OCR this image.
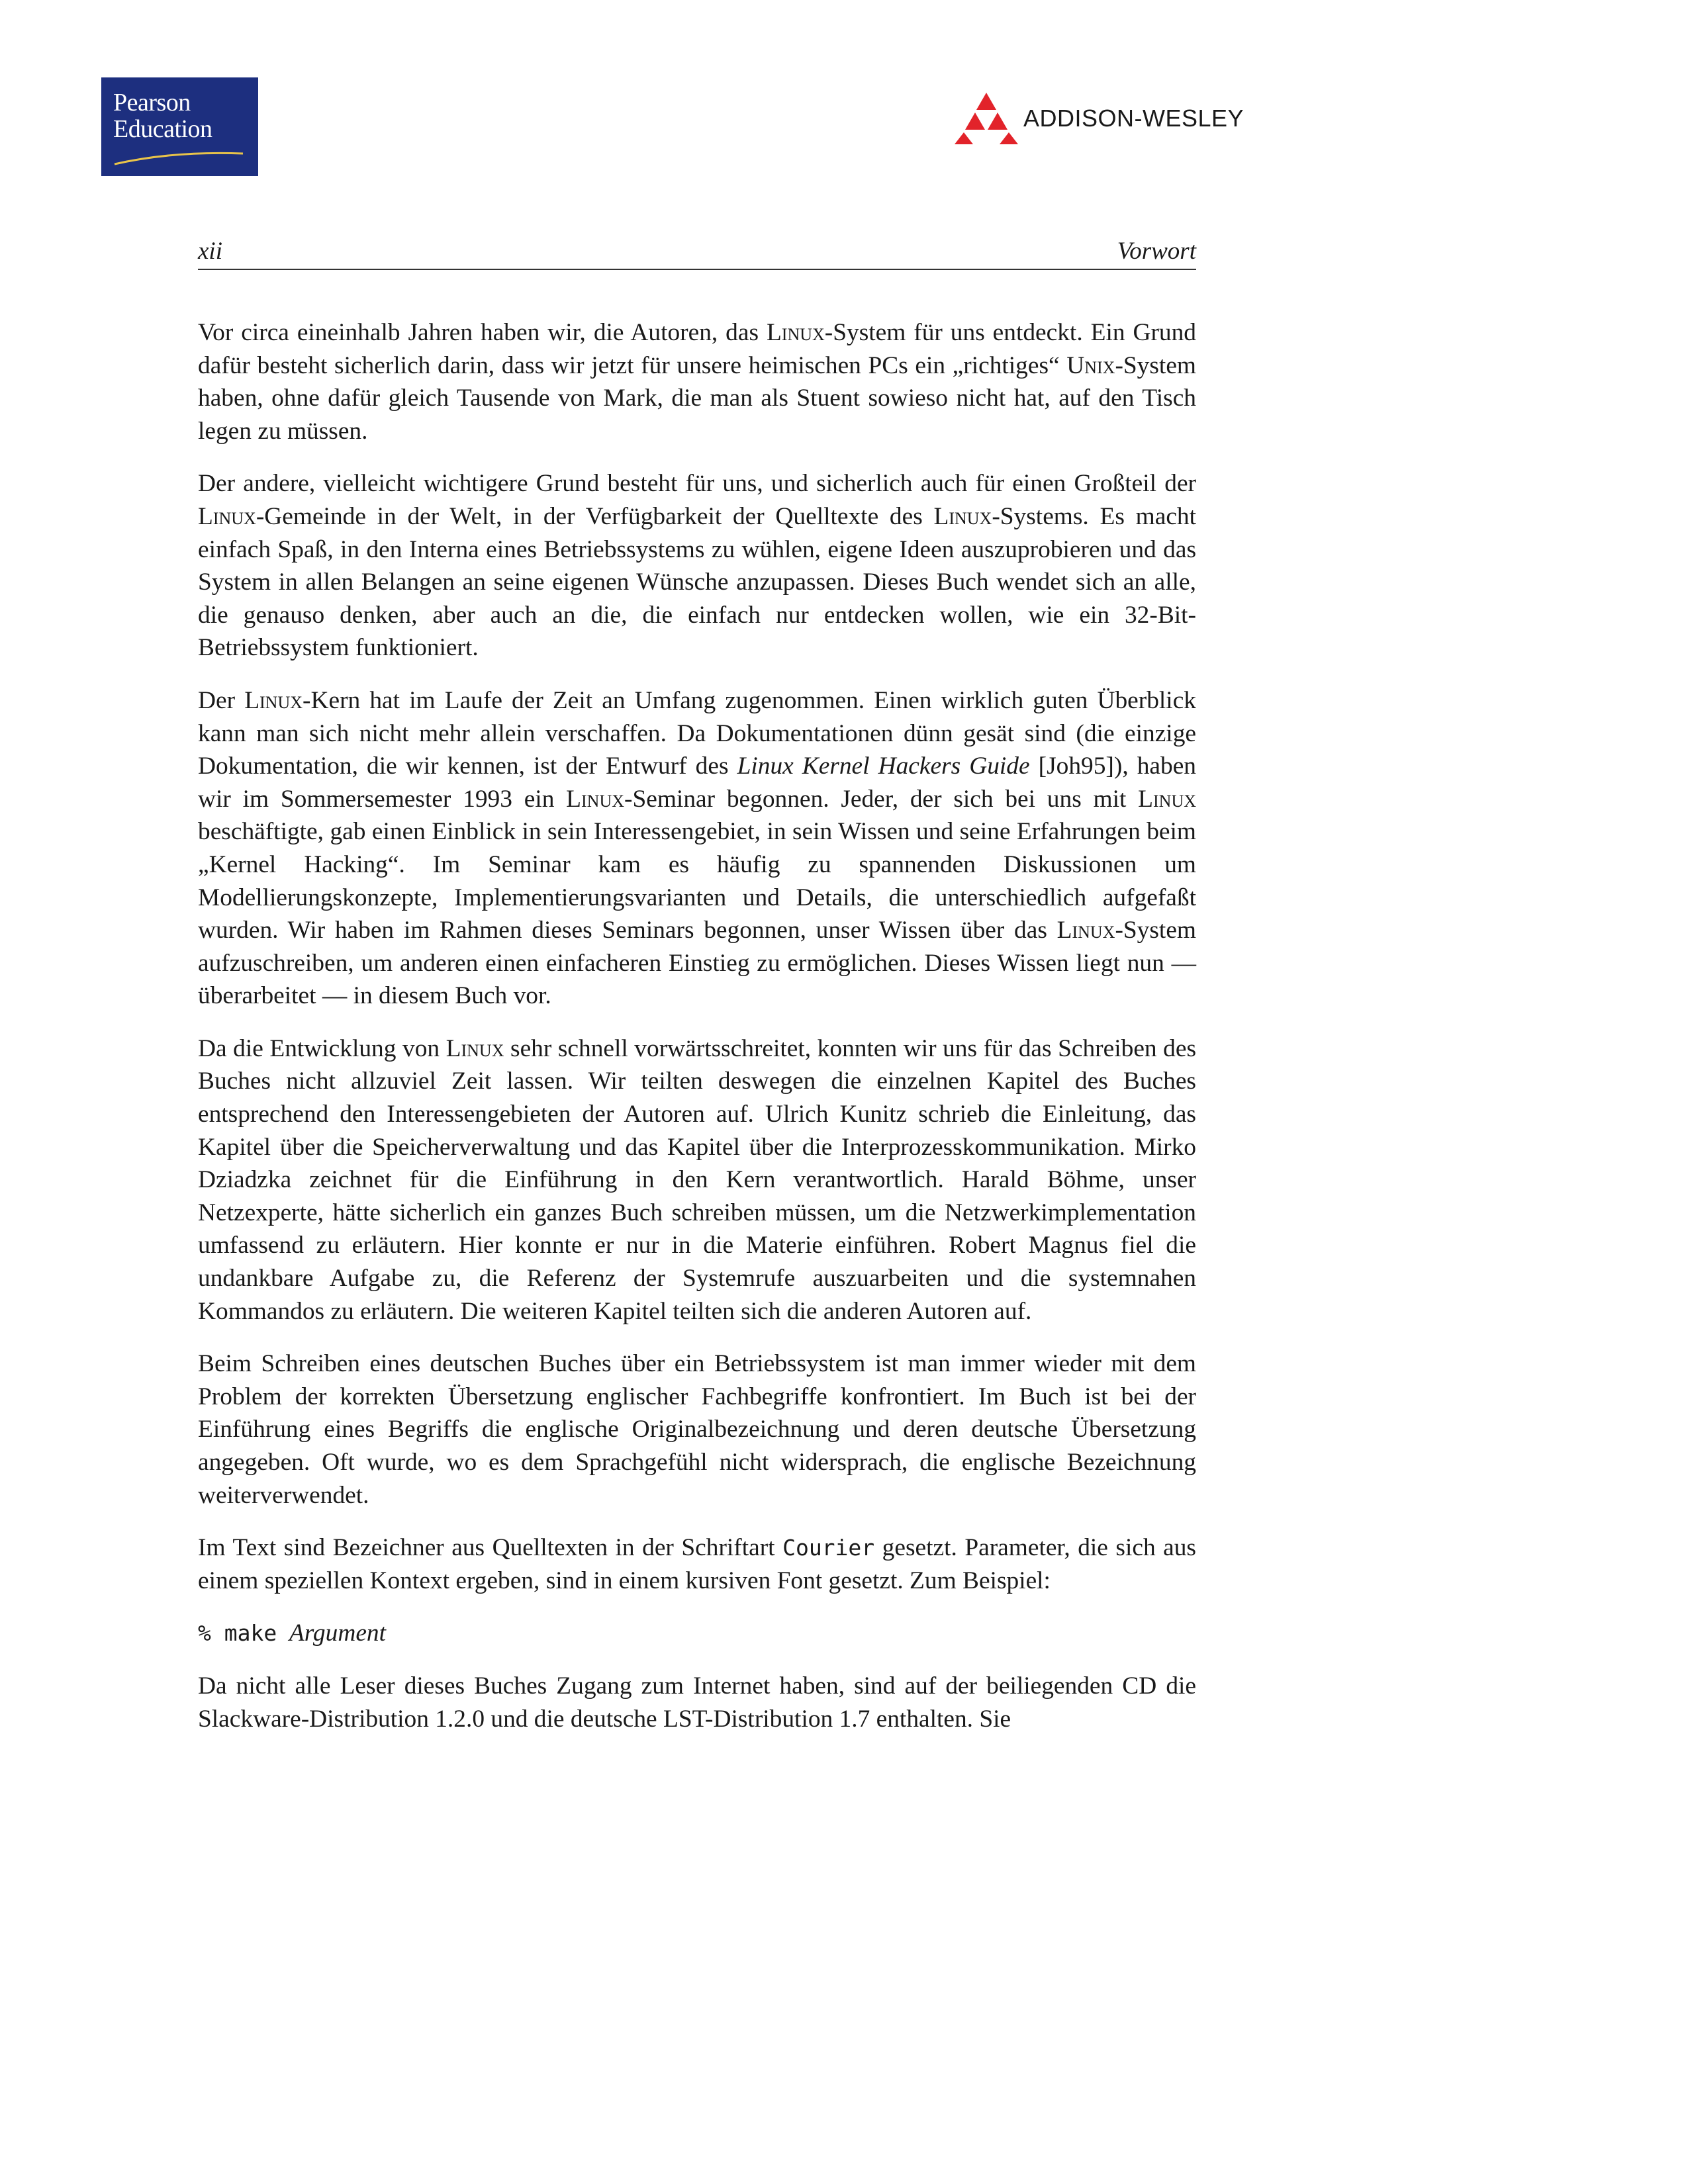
Pearson
Education	ADDISON-WESLEY
xii	Vorwort

Vor circa eineinhalb Jahren haben wir, die Autoren, das Linux-System für uns entdeckt. Ein Grund dafür besteht sicherlich darin, dass wir jetzt für unsere heimischen PCs ein „richtiges“ Unix-System haben, ohne dafür gleich Tausende von Mark, die man als Stuent sowieso nicht hat, auf den Tisch legen zu müssen.

Der andere, vielleicht wichtigere Grund besteht für uns, und sicherlich auch für einen Großteil der Linux-Gemeinde in der Welt, in der Verfügbarkeit der Quelltexte des Linux-Systems. Es macht einfach Spaß, in den Interna eines Betriebssystems zu wühlen, eigene Ideen auszuprobieren und das System in allen Belangen an seine eigenen Wünsche anzupassen. Dieses Buch wendet sich an alle, die genauso denken, aber auch an die, die einfach nur entdecken wollen, wie ein 32-Bit-Betriebssystem funktioniert.

Der Linux-Kern hat im Laufe der Zeit an Umfang zugenommen. Einen wirklich guten Überblick kann man sich nicht mehr allein verschaffen. Da Dokumentationen dünn gesät sind (die einzige Dokumentation, die wir kennen, ist der Entwurf des Linux Kernel Hackers Guide [Joh95]), haben wir im Sommersemester 1993 ein Linux-Seminar begonnen. Jeder, der sich bei uns mit Linux beschäftigte, gab einen Einblick in sein Interessengebiet, in sein Wissen und seine Erfahrungen beim „Kernel Hacking“. Im Seminar kam es häufig zu spannenden Diskussionen um Modellierungskonzepte, Implementierungsvarianten und Details, die unterschiedlich aufgefaßt wurden. Wir haben im Rahmen dieses Seminars begonnen, unser Wissen über das Linux-System aufzuschreiben, um anderen einen einfacheren Einstieg zu ermöglichen. Dieses Wissen liegt nun — überarbeitet — in diesem Buch vor.

Da die Entwicklung von Linux sehr schnell vorwärtsschreitet, konnten wir uns für das Schreiben des Buches nicht allzuviel Zeit lassen. Wir teilten deswegen die einzelnen Kapitel des Buches entsprechend den Interessengebieten der Autoren auf. Ulrich Kunitz schrieb die Einleitung, das Kapitel über die Speicherverwaltung und das Kapitel über die Interprozesskommunikation. Mirko Dziadzka zeichnet für die Einführung in den Kern verantwortlich. Harald Böhme, unser Netzexperte, hätte sicherlich ein ganzes Buch schreiben müssen, um die Netzwerkimplementation umfassend zu erläutern. Hier konnte er nur in die Materie einführen. Robert Magnus fiel die undankbare Aufgabe zu, die Referenz der Systemrufe auszuarbeiten und die systemnahen Kommandos zu erläutern. Die weiteren Kapitel teilten sich die anderen Autoren auf.

Beim Schreiben eines deutschen Buches über ein Betriebssystem ist man immer wieder mit dem Problem der korrekten Übersetzung englischer Fachbegriffe konfrontiert. Im Buch ist bei der Einführung eines Begriffs die englische Originalbezeichnung und deren deutsche Übersetzung angegeben. Oft wurde, wo es dem Sprachgefühl nicht widersprach, die englische Bezeichnung weiterverwendet.

Im Text sind Bezeichner aus Quelltexten in der Schriftart Courier gesetzt. Parameter, die sich aus einem speziellen Kontext ergeben, sind in einem kursiven Font gesetzt. Zum Beispiel:

% make Argument

Da nicht alle Leser dieses Buches Zugang zum Internet haben, sind auf der beiliegenden CD die Slackware-Distribution 1.2.0 und die deutsche LST-Distribution 1.7 enthalten. Sie
